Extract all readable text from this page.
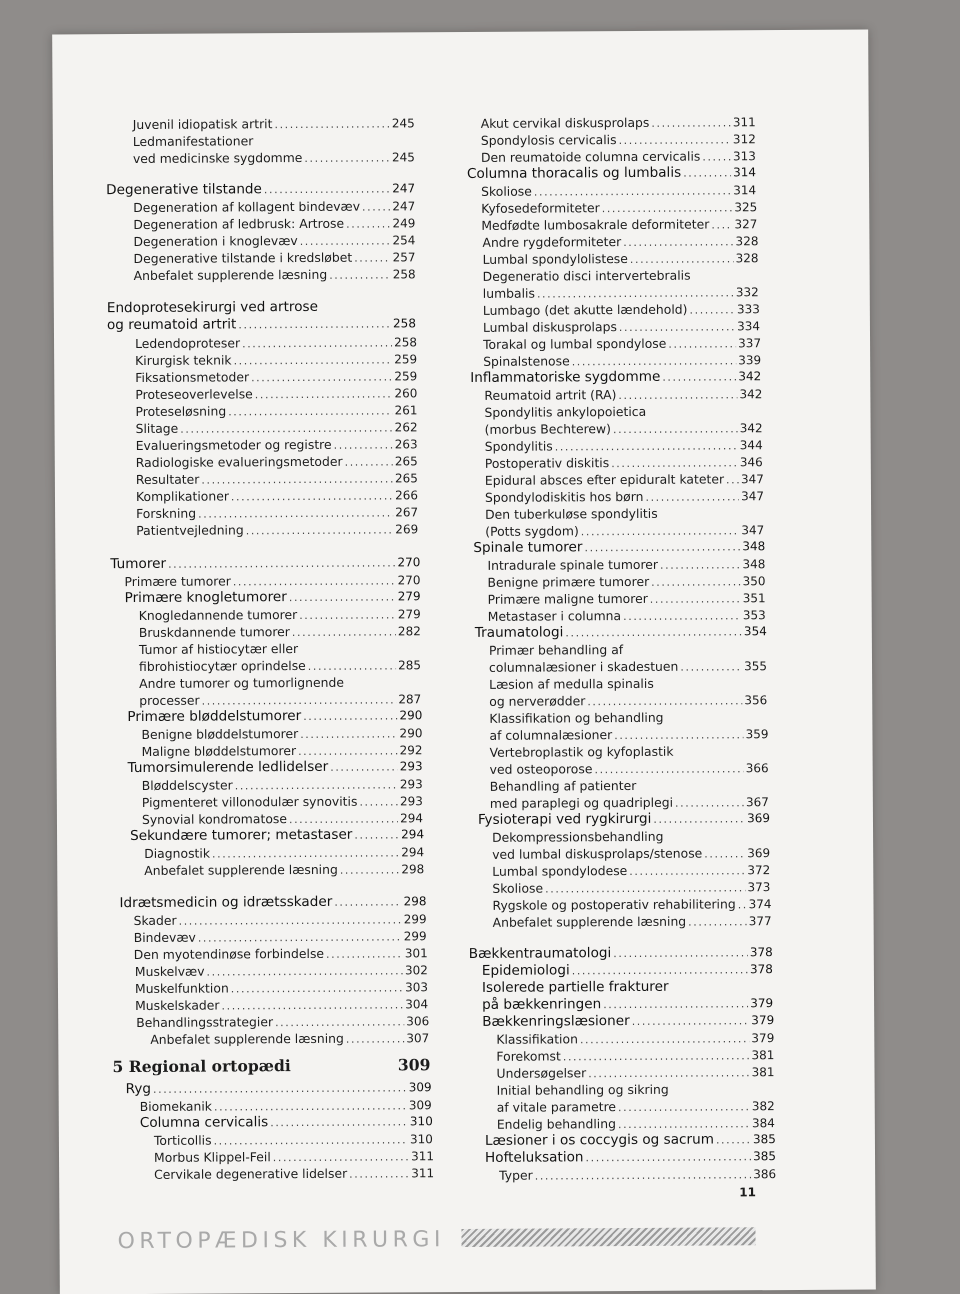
Juvenil idiopatisk artrit .....	245
Ledmanifestationer
ved medicinske sygdomme .....	245
Degenerative tilstande .....	247
Degeneration af kollagent bindevæv .....	247
Degeneration af ledbrusk: Artrose .....	249
Degeneration i knoglevæv .....	254
Degenerative tilstande i kredsløbet .....	257
Anbefalet supplerende læsning .....	258
Endoprotesekirurgi ved artrose
og reumatoid artrit .....	258
Ledendoproteser .....	258
Kirurgisk teknik .....	259
Fiksationsmetoder .....	259
Proteseoverlevelse .....	260
Proteseløsning .....	261
Slitage .....	262
Evalueringsmetoder og registre .....	263
Radiologiske evalueringsmetoder .....	265
Resultater .....	265
Komplikationer .....	266
Forskning .....	267
Patientvejledning .....	269
Tumorer .....	270
Primære tumorer .....	270
Primære knogletumorer .....	279
Knogledannende tumorer .....	279
Bruskdannende tumorer .....	282
Tumor af histiocytær eller
fibrohistiocytær oprindelse .....	285
Andre tumorer og tumorlignende
processer .....	287
Primære bløddelstumorer .....	290
Benigne bløddelstumorer .....	290
Maligne bløddelstumorer .....	292
Tumorsimulerende ledlidelser .....	293
Bløddelscyster .....	293
Pigmenteret villonodulær synovitis .....	293
Synovial kondromatose .....	294
Sekundære tumorer; metastaser .....	294
Diagnostik .....	294
Anbefalet supplerende læsning .....	298
Idrætsmedicin og idrætsskader .....	298
Skader .....	299
Bindevæv .....	299
Den myotendinøse forbindelse .....	301
Muskelvæv .....	302
Muskelfunktion .....	303
Muskelskader .....	304
Behandlingsstrategier .....	306
Anbefalet supplerende læsning .....	307
5 Regional ortopædi	309
Ryg .....	309
Biomekanik .....	309
Columna cervicalis .....	310
Torticollis .....	310
Morbus Klippel-Feil .....	311
Cervikale degenerative lidelser .....	311
Akut cervikal diskusprolaps .....	311
Spondylosis cervicalis .....	312
Den reumatoide columna cervicalis .....	313
Columna thoracalis og lumbalis .....	314
Skoliose .....	314
Kyfosedeformiteter .....	325
Medfødte lumbosakrale deformiteter ..... 327
Andre rygdeformiteter .....	328
Lumbal spondylolistese .....	328
Degeneratio disci intervertebralis
lumbalis .....	332
Lumbago (det akutte lændehold) .....	333
Lumbal diskusprolaps .....	334
Torakal og lumbal spondylose .....	337
Spinalstenose .....	339
Inflammatoriske sygdomme .....	342
Reumatoid artrit (RA) .....	342
Spondylitis ankylopoietica
(morbus Bechterew) .....	342
Spondylitis .....	344
Postoperativ diskitis .....	346
Epidural absces efter epiduralt kateter ..... 347
Spondylodiskitis hos børn .....	347
Den tuberkuløse spondylitis
(Potts sygdom) .....	347
Spinale tumorer .....	348
Intradurale spinale tumorer .....	348
Benigne primære tumorer .....	350
Primære maligne tumorer .....	351
Metastaser i columna .....	353
Traumatologi .....	354
Primær behandling af
columnalæsioner i skadestuen .....	355
Læsion af medulla spinalis
og nerverødder .....	356
Klassifikation og behandling
af columnalæsioner .....	359
Vertebroplastik og kyfoplastik
ved osteoporose .....	366
Behandling af patienter
med paraplegi og quadriplegi .....	367
Fysioterapi ved rygkirurgi .....	369
Dekompressionsbehandling
ved lumbal diskusprolaps/stenose .....	369
Lumbal spondylodese .....	372
Skoliose .....	373
Rygskole og postoperativ rehabilitering ..... 374
Anbefalet supplerende læsning .....	377
Bækkentraumatologi .....	378
Epidemiologi .....	378
Isolerede partielle frakturer
på bækkenringen .....	379
Bækkenringslæsioner .....	379
Klassifikation .....	379
Forekomst .....	381
Undersøgelser .....	381
Initial behandling og sikring
af vitale parametre .....	382
Endelig behandling .....	384
Læsioner i os coccygis og sacrum .....	385
Hofteluksation .....	385
Typer .....	386
11
ORTOPÆDISK KIRURGI
